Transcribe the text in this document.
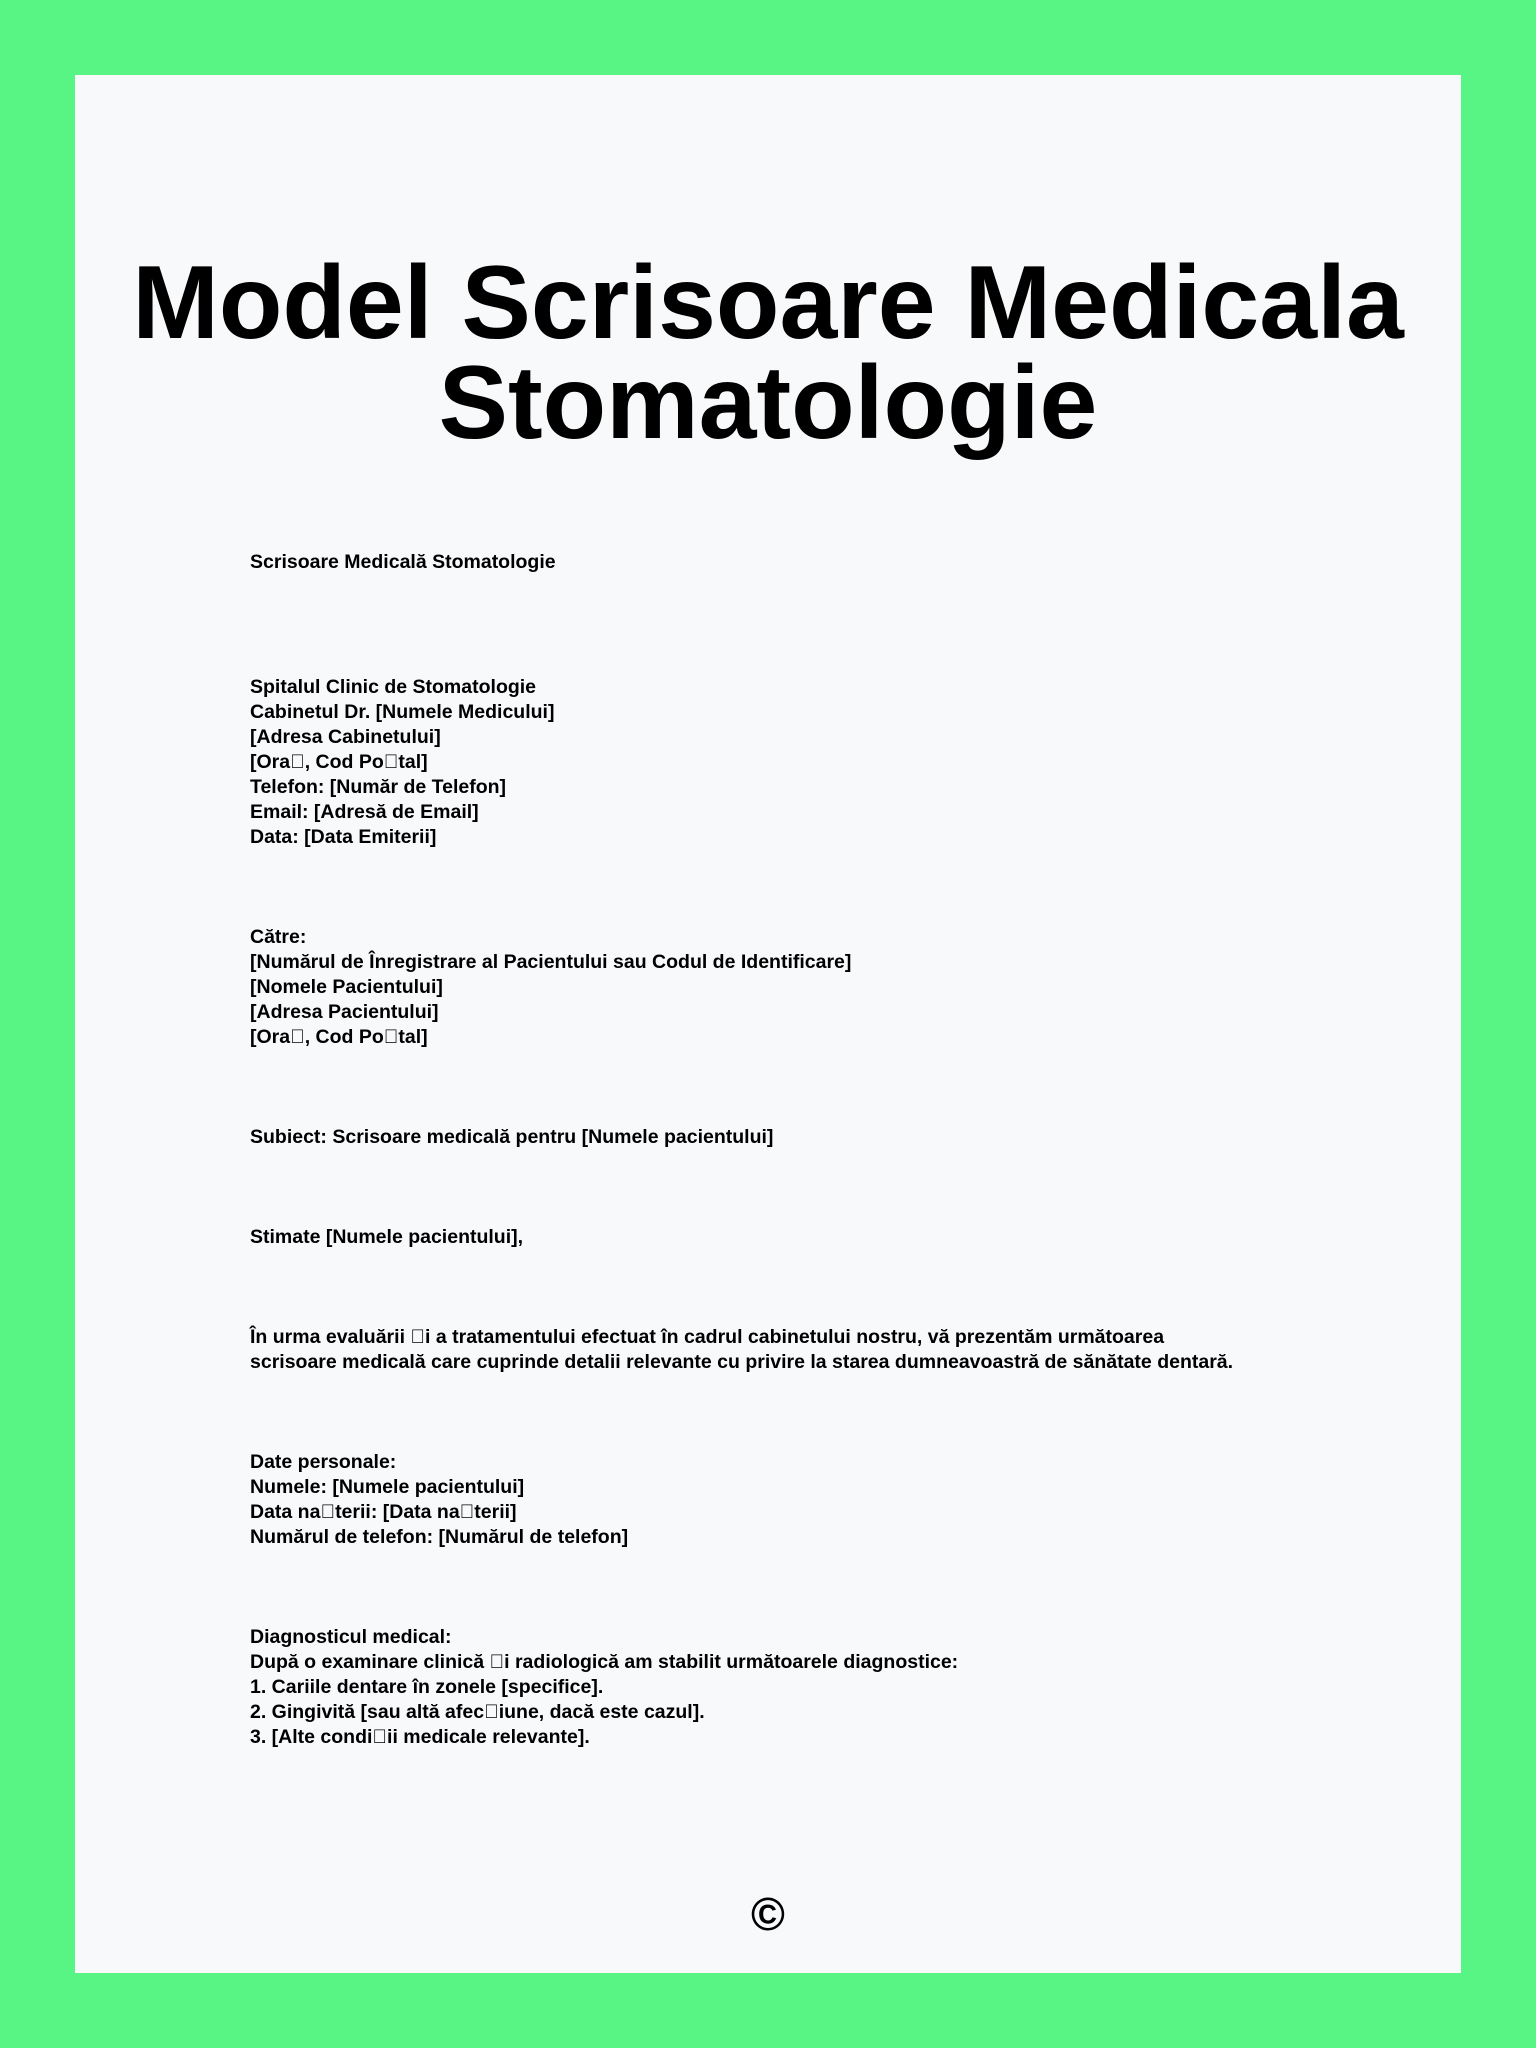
Model Scrisoare Medicala
Stomatologie
Scrisoare Medicală Stomatologie
Spitalul Clinic de Stomatologie
Cabinetul Dr. [Numele Medicului]
[Adresa Cabinetului]
[Ora , Cod Po tal]
Telefon: [Număr de Telefon]
Email: [Adresă de Email]
Data: [Data Emiterii]
Către:
[Numărul de Înregistrare al Pacientului sau Codul de Identificare]
[Nomele Pacientului]
[Adresa Pacientului]
[Ora , Cod Po tal]
Subiect: Scrisoare medicală pentru [Numele pacientului]
Stimate [Numele pacientului],
În urma evaluării  i a tratamentului efectuat în cadrul cabinetului nostru, vă prezentăm următoarea
scrisoare medicală care cuprinde detalii relevante cu privire la starea dumneavoastră de sănătate dentară.
Date personale:
Numele: [Numele pacientului]
Data na terii: [Data na terii]
Numărul de telefon: [Numărul de telefon]
Diagnosticul medical:
După o examinare clinică  i radiologică am stabilit următoarele diagnostice:
1. Cariile dentare în zonele [specifice].
2. Gingivită [sau altă afec iune, dacă este cazul].
3. [Alte condi ii medicale relevante].
©
